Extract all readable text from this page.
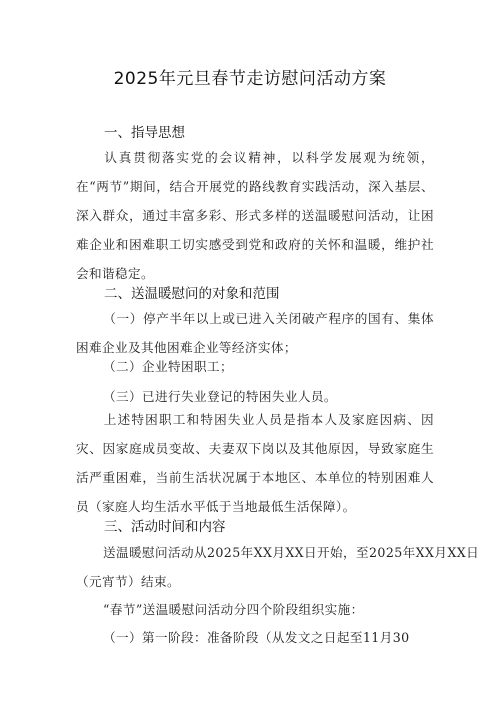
2025年元旦春节走访慰问活动方案
一、指导思想
认真贯彻落实党的会议精神，以科学发展观为统领，在“两节”期间，结合开展党的路线教育实践活动，深入基层、深入群众，通过丰富多彩、形式多样的送温暖慰问活动，让困难企业和困难职工切实感受到党和政府的关怀和温暖，维护社会和谐稳定。
二、送温暖慰问的对象和范围
（一）停产半年以上或已进入关闭破产程序的国有、集体困难企业及其他困难企业等经济实体；
（二）企业特困职工；
（三）已进行失业登记的特困失业人员。
上述特困职工和特困失业人员是指本人及家庭因病、因灾、因家庭成员变故、夫妻双下岗以及其他原因，导致家庭生活严重困难，当前生活状况属于本地区、本单位的特别困难人员（家庭人均生活水平低于当地最低生活保障）。
三、活动时间和内容
送温暖慰问活动从2025年XX月XX日开始，至2025年XX月XX日
（元宵节）结束。
“春节”送温暖慰问活动分四个阶段组织实施：
（一）第一阶段：准备阶段（从发文之日起至11月30
